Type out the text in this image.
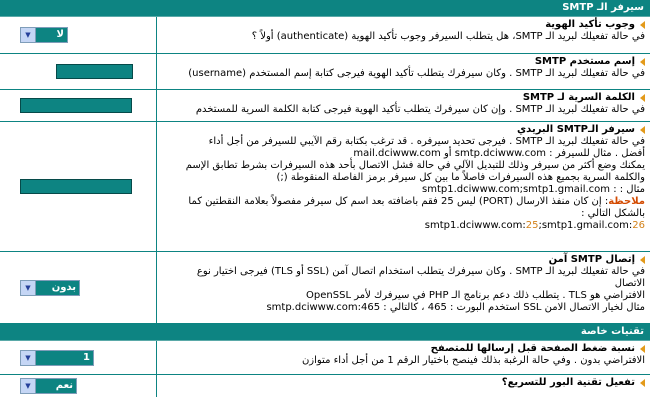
سيرفر الـ SMTP
وجوب تأكيد الهوية
في حالة تفعيلك لبريد الـ SMTP، هل يتطلب السيرفر وجوب تأكيد الهوية (authenticate) أولاً ؟
▼	لا
إسم مستخدم SMTP
في حالة تفعيلك لبريد الـ SMTP . وكان سيرفرك يتطلب تأكيد الهوية فيرجى كتابة إسم المستخدم (username)
الكلمة السرية لـ SMTP
في حالة تفعيلك لبريد الـ SMTP . وإن كان سيرفرك يتطلب تأكيد الهوية فيرجى كتابة الكلمة السرية للمستخدم
سيرفر الـSMTP البريدي
في حالة تفعيلك لبريد الـ SMTP . فيرجى تحديد سيرفره . قد ترغب بكتابة رقم الآيبي للسيرفر من أجل أداء
أفضل . مثال للسيرفر : smtp.dciwww.com أو mail.dciwww.com
يمكنك وضع أكثر من سيرفر وذلك للتبديل الآلي في حالة فشل الاتصال بأحد هذه السيرفرات بشرط تطابق الإسم
والكلمة السرية بجميع هذه السيرفرات فاصلاً ما بين كل سيرفر برمز الفاصلة المنقوطة (;)
مثال : : smtp1.dciwww.com;smtp1.gmail.com
ملاحظة: إن كان منفذ الارسال (PORT) ليس 25 فقم باضافته بعد اسم كل سيرفر مفصولاً بعلامة النقطتين كما
بالشكل التالي :
smtp1.dciwww.com:25;smtp1.gmail.com:26
إتصال SMTP آمن
في حالة تفعيلك لبريد الـ SMTP . وكان سيرفرك يتطلب استخدام اتصال آمن (SSL أو TLS) فيرجى اختيار نوع
الاتصال
الافتراضي هو TLS . يتطلب ذلك دعم برنامج الـ PHP في سيرفرك لأمر OpenSSL
مثال لخيار الاتصال الامن SSL استخدم البورت : 465 ، كالتالي : smtp.dciwww.com:465
▼	بدون
تقنيات خاصة
نسبة ضغط الصفحة قبل إرسالها للمتصفح
الافتراضي بدون . وفي حالة الرغبة بذلك فينصح باختيار الرقم 1 من أجل أداء متوازن
▼	1
تفعيل تقنية البور للتسريع؟
▼	نعم
